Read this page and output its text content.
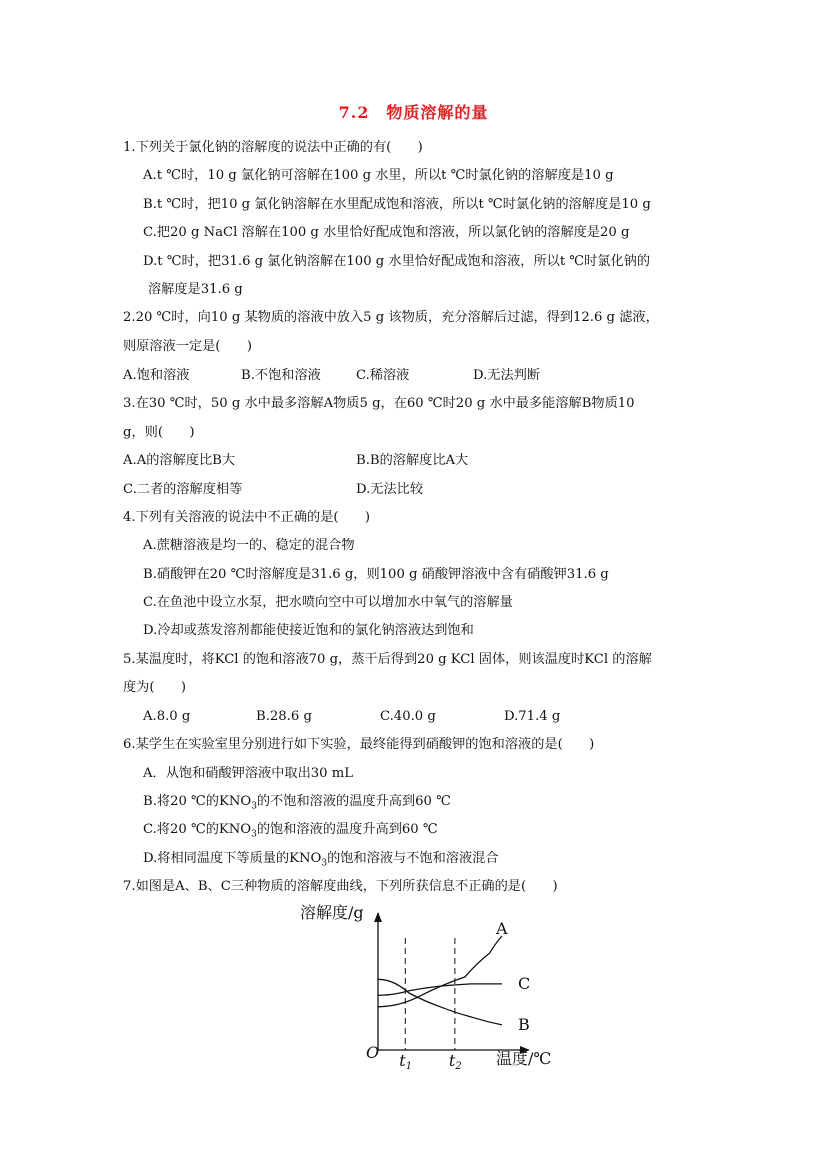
7.2　物质溶解的量
1.下列关于氯化钠的溶解度的说法中正确的有(　　)
A.t ℃时，10 g 氯化钠可溶解在100 g 水里，所以t ℃时氯化钠的溶解度是10 g
B.t ℃时，把10 g 氯化钠溶解在水里配成饱和溶液，所以t ℃时氯化钠的溶解度是10 g
C.把20 g NaCl 溶解在100 g 水里恰好配成饱和溶液，所以氯化钠的溶解度是20 g
D.t ℃时，把31.6 g 氯化钠溶解在100 g 水里恰好配成饱和溶液，所以t ℃时氯化钠的
溶解度是31.6 g
2.20 ℃时，向10 g 某物质的溶液中放入5 g 该物质，充分溶解后过滤，得到12.6 g 滤液，
则原溶液一定是(　　)
A.饱和溶液	B.不饱和溶液	C.稀溶液	D.无法判断
3.在30 ℃时，50 g 水中最多溶解A物质5 g，在60 ℃时20 g 水中最多能溶解B物质10
g，则(　　)
A.A的溶解度比B大	B.B的溶解度比A大
C.二者的溶解度相等	D.无法比较
4.下列有关溶液的说法中不正确的是(　　)
A.蔗糖溶液是均一的、稳定的混合物
B.硝酸钾在20 ℃时溶解度是31.6 g，则100 g 硝酸钾溶液中含有硝酸钾31.6 g
C.在鱼池中设立水泵，把水喷向空中可以增加水中氧气的溶解量
D.冷却或蒸发溶剂都能使接近饱和的氯化钠溶液达到饱和
5.某温度时，将KCl 的饱和溶液70 g，蒸干后得到20 g KCl 固体，则该温度时KCl 的溶解
度为(　　)
A.8.0 g	B.28.6 g	C.40.0 g	D.71.4 g
6.某学生在实验室里分别进行如下实验，最终能得到硝酸钾的饱和溶液的是(　　)
A．从饱和硝酸钾溶液中取出30 mL
B.将20 ℃的$KNO_3$的不饱和溶液的温度升高到60 ℃
C.将20 ℃的$KNO_3$的饱和溶液的温度升高到60 ℃
D.将相同温度下等质量的$KNO_3$的饱和溶液与不饱和溶液混合
7.如图是A、B、C三种物质的溶解度曲线，下列所获信息不正确的是(　　)
溶解度/g
O	温度/℃
t1 t2
A
B
C
